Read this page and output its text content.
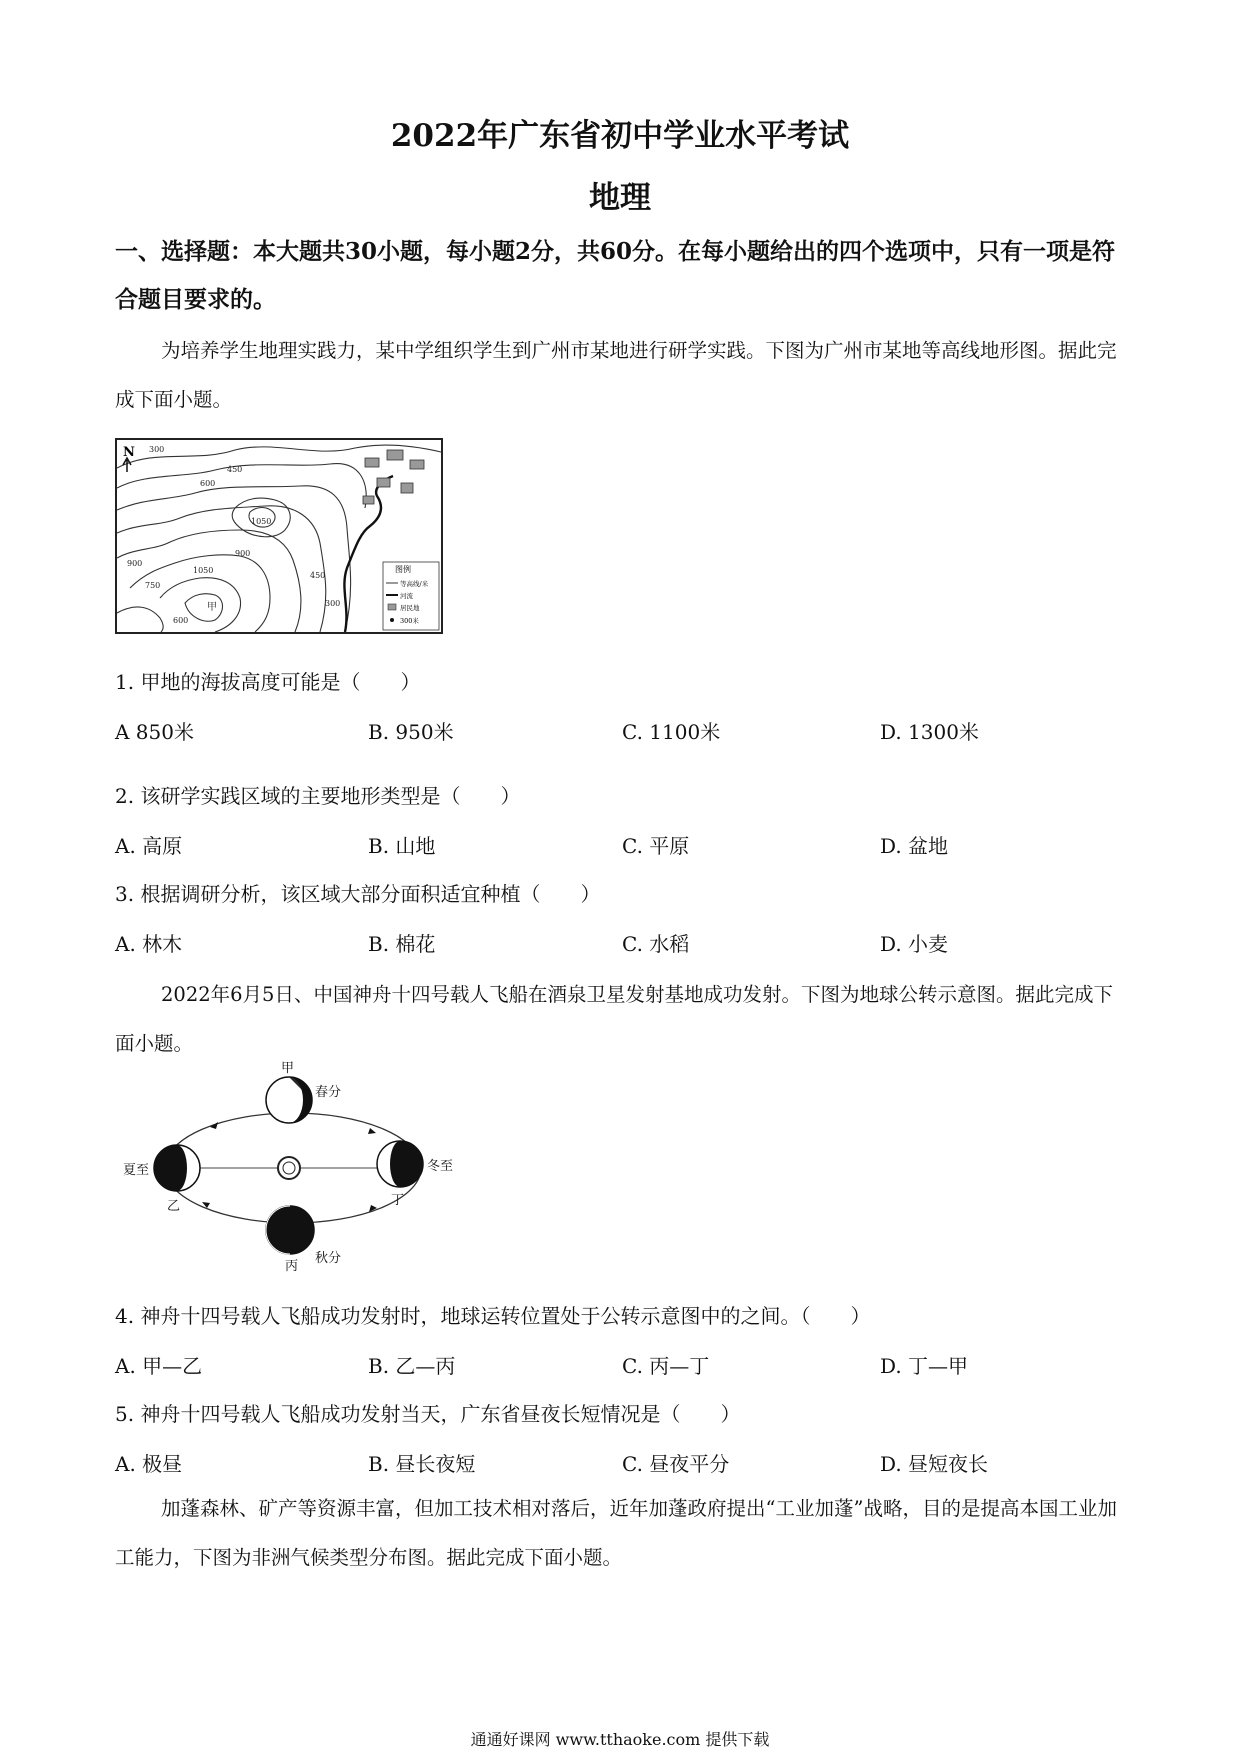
2022年广东省初中学业水平考试
地理
一、选择题：本大题共30小题，每小题2分，共60分。在每小题给出的四个选项中，只有一项是符合题目要求的。
为培养学生地理实践力，某中学组织学生到广州市某地进行研学实践。下图为广州市某地等高线地形图。据此完成下面小题。
N 300
450
600
1050
900
1050
900
750
600
450
300
甲
图例
等高线/米
河流
居民地
300米
1. 甲地的海拔高度可能是（　　）
A 850米	B. 950米	C. 1100米	D. 1300米
2. 该研学实践区域的主要地形类型是（　　）
A. 高原	B. 山地	C. 平原	D. 盆地
3. 根据调研分析，该区域大部分面积适宜种植（　　）
A. 林木	B. 棉花	C. 水稻	D. 小麦
2022年6月5日、中国神舟十四号载人飞船在酒泉卫星发射基地成功发射。下图为地球公转示意图。据此完成下面小题。
甲
春分
夏至
乙
丙
秋分
冬至
丁
4. 神舟十四号载人飞船成功发射时，地球运转位置处于公转示意图中的之间。（　　）
A. 甲—乙	B. 乙—丙	C. 丙—丁	D. 丁—甲
5. 神舟十四号载人飞船成功发射当天，广东省昼夜长短情况是（　　）
A. 极昼	B. 昼长夜短	C. 昼夜平分	D. 昼短夜长
加蓬森林、矿产等资源丰富，但加工技术相对落后，近年加蓬政府提出“工业加蓬”战略，目的是提高本国工业加工能力，下图为非洲气候类型分布图。据此完成下面小题。
通通好课网 www.tthaoke.com 提供下载
